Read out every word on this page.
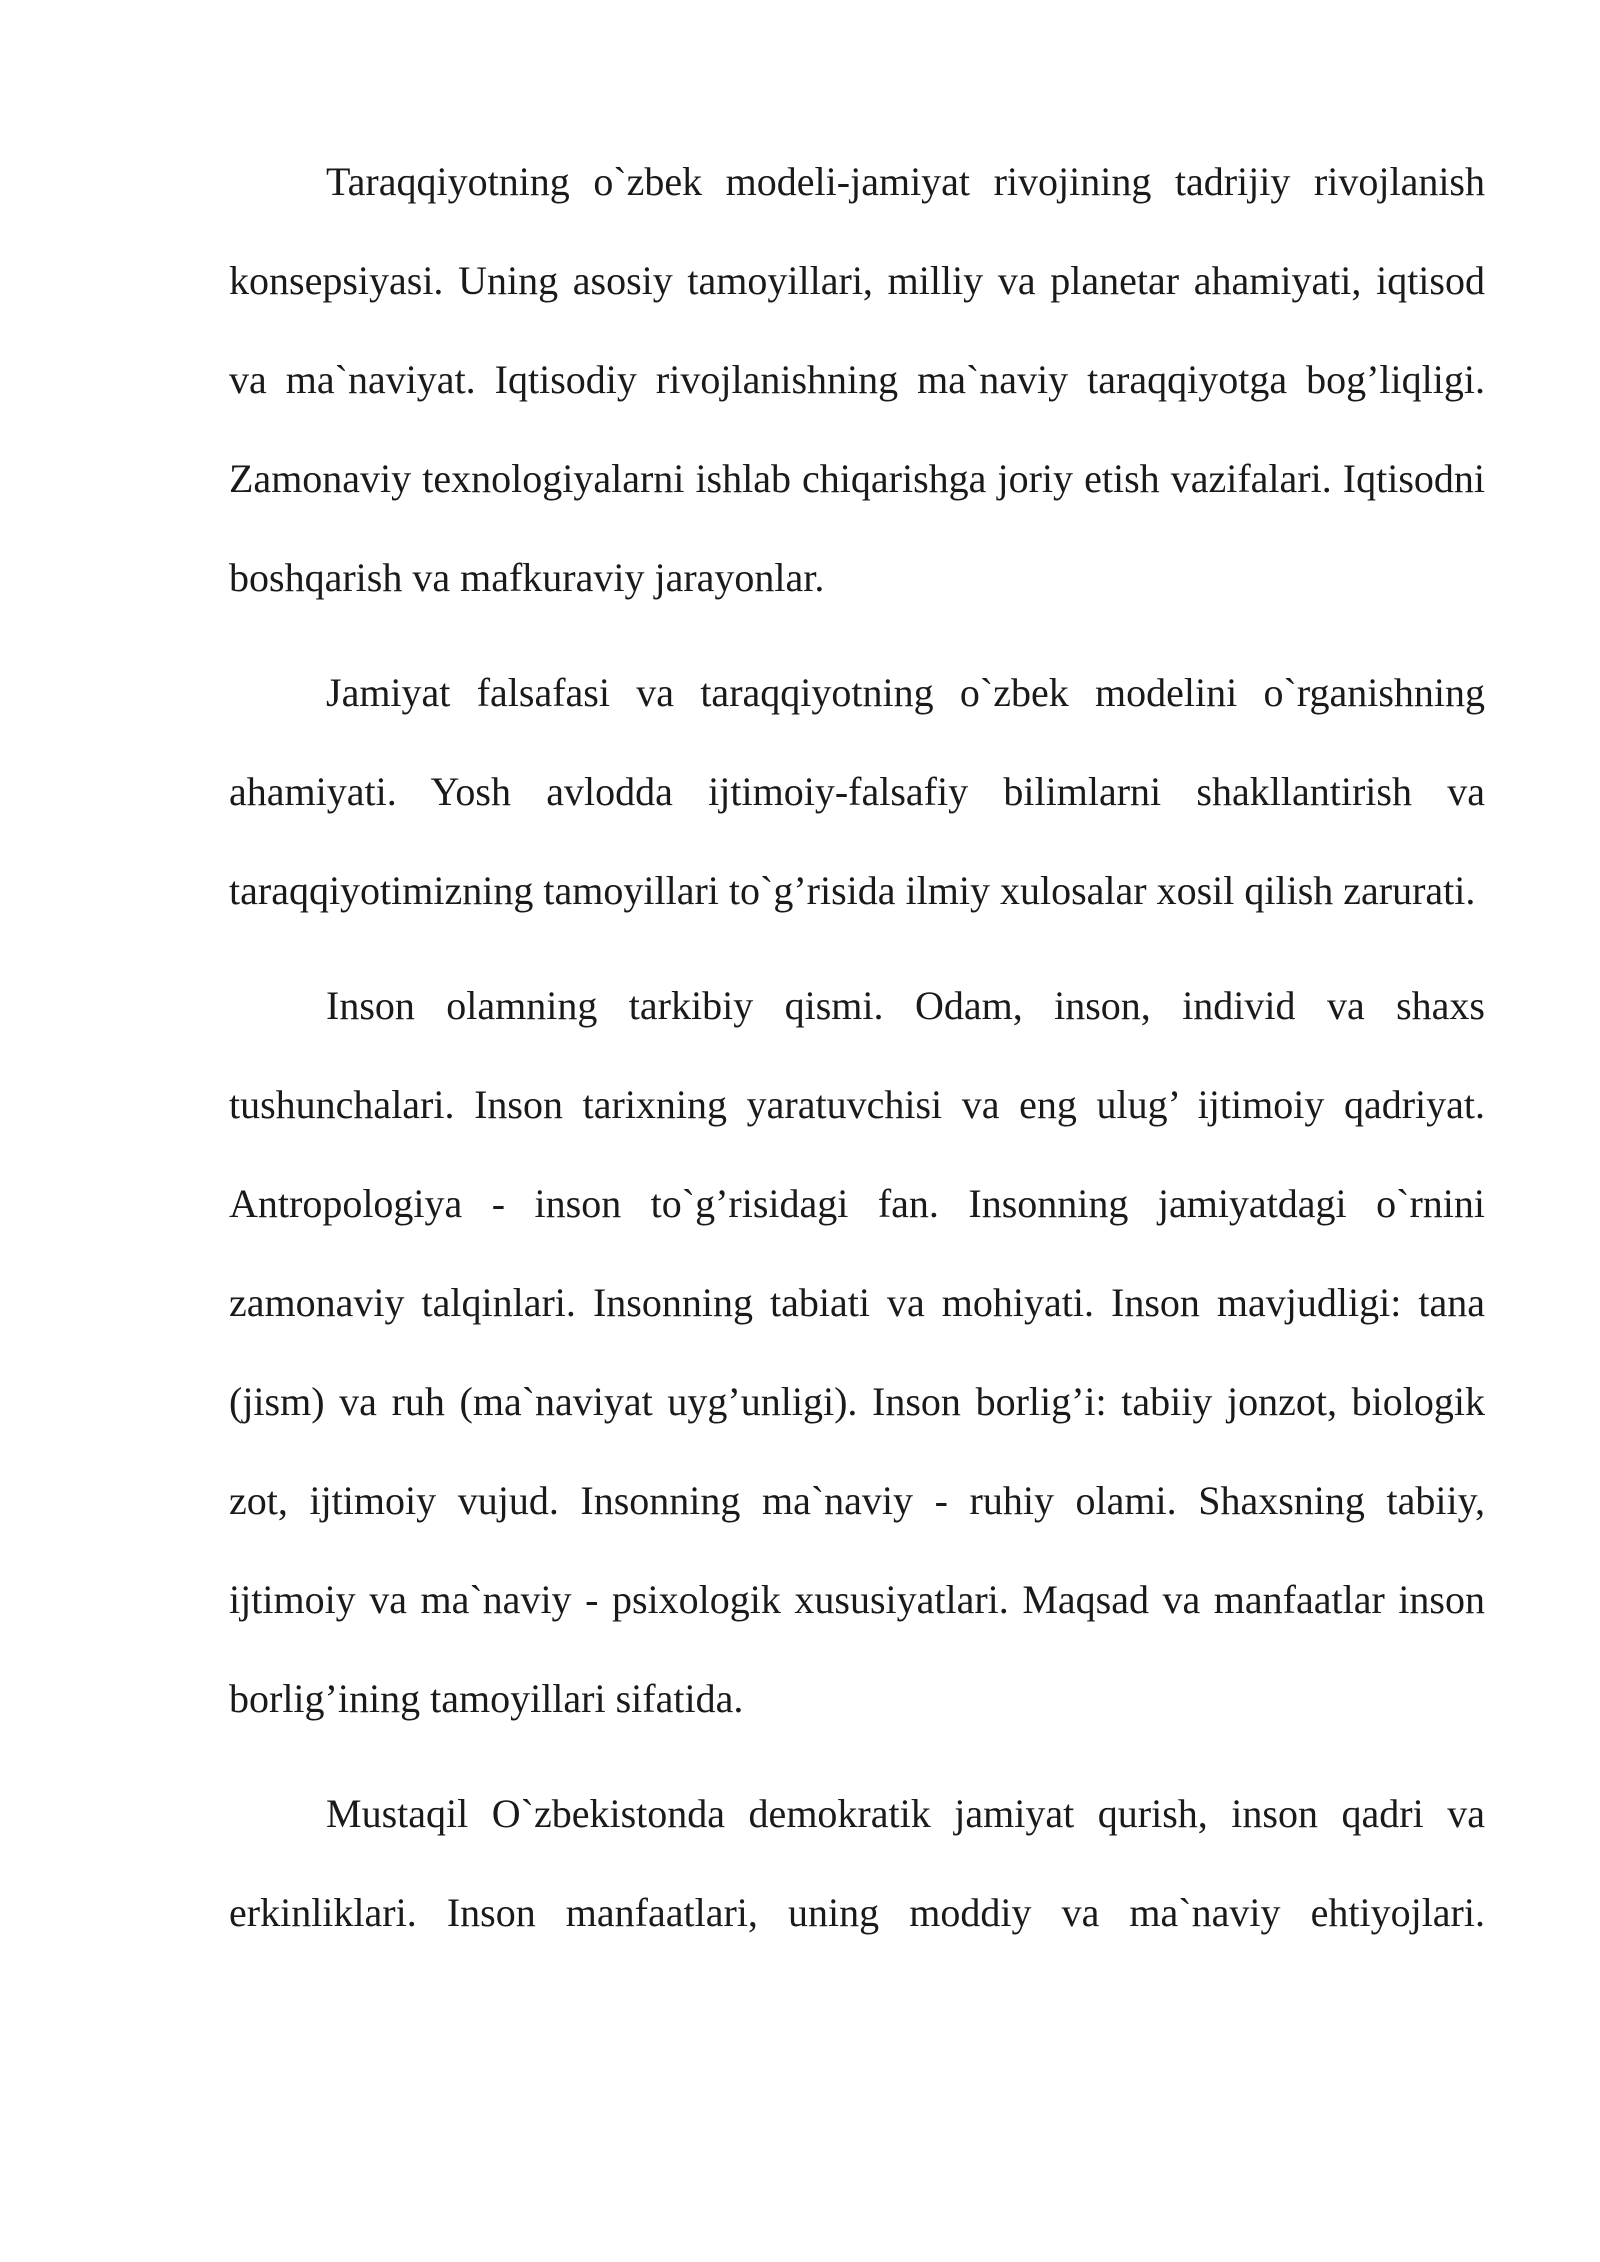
Taraqqiyotning o`zbek modeli-jamiyat rivojining tadrijiy rivojlanish konsepsiyasi. Uning asosiy tamoyillari, milliy va planetar ahamiyati, iqtisod va ma`naviyat. Iqtisodiy rivojlanishning ma`naviy taraqqiyotga bog’liqligi. Zamonaviy texnologiyalarni ishlab chiqarishga joriy etish vazifalari. Iqtisodni boshqarish va mafkuraviy jarayonlar.

Jamiyat falsafasi va taraqqiyotning o`zbek modelini o`rganishning ahamiyati. Yosh avlodda ijtimoiy-falsafiy bilimlarni shakllantirish va taraqqiyotimizning tamoyillari to`g’risida ilmiy xulosalar xosil qilish zarurati.

Inson olamning tarkibiy qismi. Odam, inson, individ va shaxs tushunchalari. Inson tarixning yaratuvchisi va eng ulug’ ijtimoiy qadriyat. Antropologiya - inson to`g’risidagi fan. Insonning jamiyatdagi o`rnini zamonaviy talqinlari. Insonning tabiati va mohiyati. Inson mavjudligi: tana (jism) va ruh (ma`naviyat uyg’unligi). Inson borlig’i: tabiiy jonzot, biologik zot, ijtimoiy vujud. Insonning ma`naviy - ruhiy olami. Shaxsning tabiiy, ijtimoiy va ma`naviy - psixologik xususiyatlari. Maqsad va manfaatlar inson borlig’ining tamoyillari sifatida.

Mustaqil O`zbekistonda demokratik jamiyat qurish, inson qadri va erkinliklari. Inson manfaatlari, uning moddiy va ma`naviy ehtiyojlari.
